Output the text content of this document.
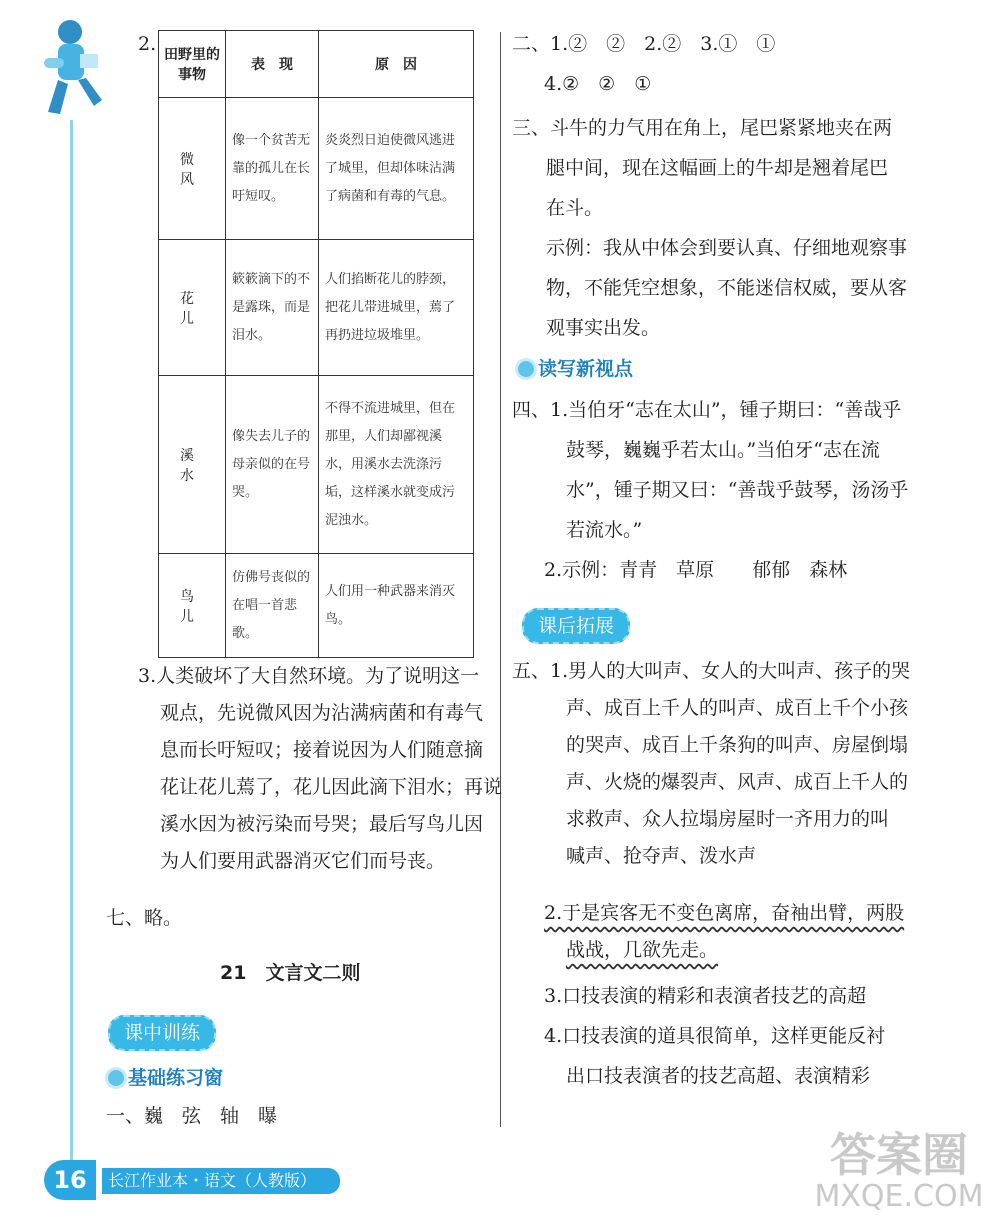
2. 田野里的事物	表　现	原　因
微　风	像一个贫苦无靠的孤儿在长吁短叹。	炎炎烈日迫使微风逃进了城里，但却体味沾满了病菌和有毒的气息。
花　儿	簌簌滴下的不是露珠，而是泪水。	人们掐断花儿的脖颈，把花儿带进城里，蔫了再扔进垃圾堆里。
溪　水	像失去儿子的母亲似的在号哭。	不得不流进城里，但在那里，人们却鄙视溪水，用溪水去洗涤污垢，这样溪水就变成污泥浊水。
鸟　儿	仿佛号丧似的在唱一首悲歌。	人们用一种武器来消灭鸟。
3.人类破坏了大自然环境。为了说明这一
观点，先说微风因为沾满病菌和有毒气
息而长吁短叹；接着说因为人们随意摘
花让花儿蔫了，花儿因此滴下泪水；再说
溪水因为被污染而号哭；最后写鸟儿因
为人们要用武器消灭它们而号丧。
七、略。
21　文言文二则
课中训练
基础练习窗
一、巍　弦　轴　曝
二、1.②　②　2.②　3.①　①
4.②　②　①
三、斗牛的力气用在角上，尾巴紧紧地夹在两
腿中间，现在这幅画上的牛却是翘着尾巴
在斗。
示例：我从中体会到要认真、仔细地观察事
物，不能凭空想象，不能迷信权威，要从客
观事实出发。
读写新视点
四、1.当伯牙“志在太山”，锺子期曰：“善哉乎
鼓琴，巍巍乎若太山。”当伯牙“志在流
水”，锺子期又曰：“善哉乎鼓琴，汤汤乎
若流水。”
2.示例：青青　草原　　郁郁　森林
课后拓展
五、1.男人的大叫声、女人的大叫声、孩子的哭
声、成百上千人的叫声、成百上千个小孩
的哭声、成百上千条狗的叫声、房屋倒塌
声、火烧的爆裂声、风声、成百上千人的
求救声、众人拉塌房屋时一齐用力的叫
喊声、抢夺声、泼水声
2.于是宾客无不变色离席，奋袖出臂，两股
战战，几欲先走。
3.口技表演的精彩和表演者技艺的高超
4.口技表演的道具很简单，这样更能反衬
出口技表演者的技艺高超、表演精彩
16	长江作业本・语文（人教版）	答案圈
MXQE.COM
